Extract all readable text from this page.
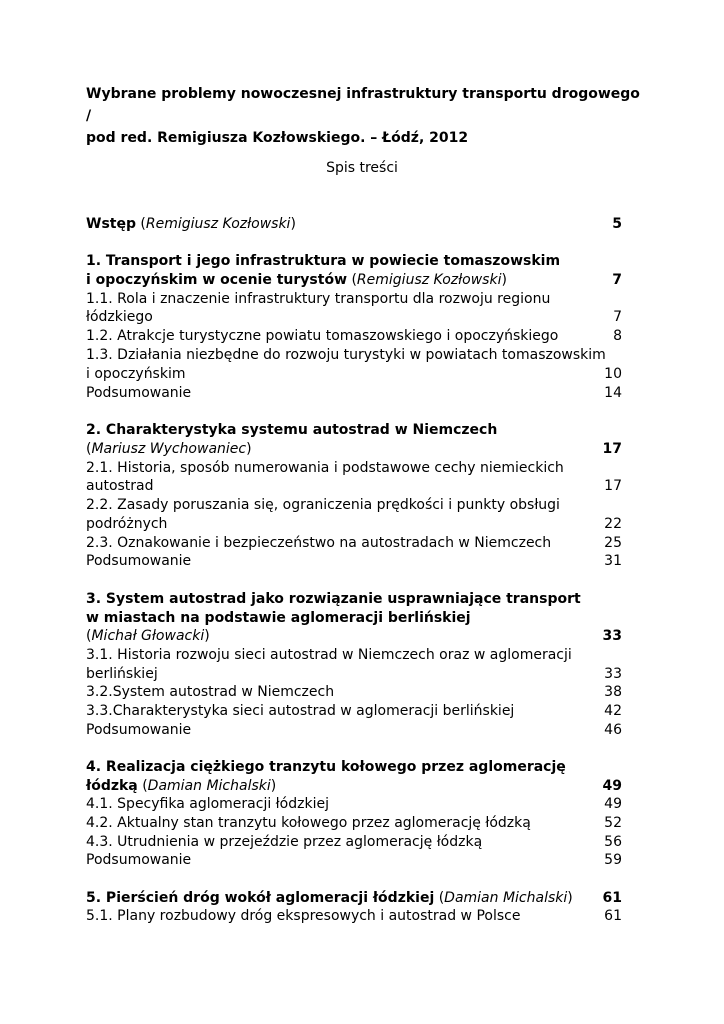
Wybrane problemy nowoczesnej infrastruktury transportu drogowego /
pod red. Remigiusza Kozłowskiego. – Łódź, 2012
Spis treści
Wstęp (Remigiusz Kozłowski)	5
1. Transport i jego infrastruktura w powiecie tomaszowskim
i opoczyńskim w ocenie turystów (Remigiusz Kozłowski)	7
1.1. Rola i znaczenie infrastruktury transportu dla rozwoju regionu
łódzkiego	7
1.2. Atrakcje turystyczne powiatu tomaszowskiego i opoczyńskiego	8
1.3. Działania niezbędne do rozwoju turystyki w powiatach tomaszowskim
i opoczyńskim	10
Podsumowanie	14
2. Charakterystyka systemu autostrad w Niemczech
(Mariusz Wychowaniec)	17
2.1. Historia, sposób numerowania i podstawowe cechy niemieckich
autostrad	17
2.2. Zasady poruszania się, ograniczenia prędkości i punkty obsługi
podróżnych	22
2.3. Oznakowanie i bezpieczeństwo na autostradach w Niemczech	25
Podsumowanie	31
3. System autostrad jako rozwiązanie usprawniające transport
w miastach na podstawie aglomeracji berlińskiej
(Michał Głowacki)	33
3.1. Historia rozwoju sieci autostrad w Niemczech oraz w aglomeracji
berlińskiej	33
3.2.System autostrad w Niemczech	38
3.3.Charakterystyka sieci autostrad w aglomeracji berlińskiej	42
Podsumowanie	46
4. Realizacja ciężkiego tranzytu kołowego przez aglomerację
łódzką (Damian Michalski)	49
4.1. Specyfika aglomeracji łódzkiej	49
4.2. Aktualny stan tranzytu kołowego przez aglomerację łódzką	52
4.3. Utrudnienia w przejeździe przez aglomerację łódzką	56
Podsumowanie	59
5. Pierścień dróg wokół aglomeracji łódzkiej (Damian Michalski) 61
5.1. Plany rozbudowy dróg ekspresowych i autostrad w Polsce	61
